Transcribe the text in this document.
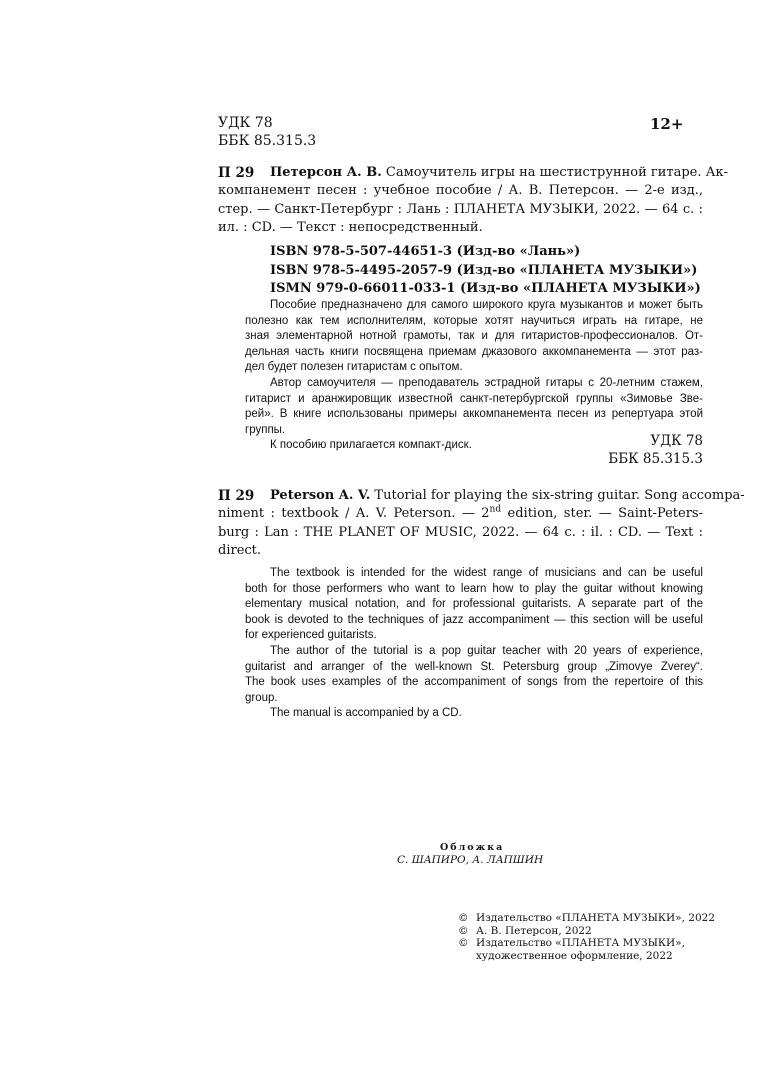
УДК 78
ББК 85.315.3
12+
П 29 Петерсон А. В. Самоучитель игры на шестиструнной гитаре. Ак-
компанемент песен : учебное пособие / А. В. Петерсон. — 2-е изд.,
стер. — Санкт-Петербург : Лань : ПЛАНЕТА МУЗЫКИ, 2022. — 64 с. :
ил. : CD. — Текст : непосредственный.
ISBN 978-5-507-44651-3 (Изд-во «Лань»)
ISBN 978-5-4495-2057-9 (Изд-во «ПЛАНЕТА МУЗЫКИ»)
ISMN 979-0-66011-033-1 (Изд-во «ПЛАНЕТА МУЗЫКИ»)
Пособие предназначено для самого широкого круга музыкантов и может быть
полезно как тем исполнителям, которые хотят научиться играть на гитаре, не
зная элементарной нотной грамоты, так и для гитаристов-профессионалов. От-
дельная часть книги посвящена приемам джазового аккомпанемента — этот раз-
дел будет полезен гитаристам с опытом.
Автор самоучителя — преподаватель эстрадной гитары с 20-летним стажем,
гитарист и аранжировщик известной санкт-петербургской группы «Зимовье Зве-
рей». В книге использованы примеры аккомпанемента песен из репертуара этой
группы.
К пособию прилагается компакт-диск.	УДК 78
ББК 85.315.3
П 29 Peterson A. V. Tutorial for playing the six-string guitar. Song accompa-
niment : textbook / A. V. Peterson. — 2nd edition, ster. — Saint-Peters-
burg : Lan : THE PLANET OF MUSIC, 2022. — 64 c. : il. : CD. — Text :
direct.
The textbook is intended for the widest range of musicians and can be useful
both for those performers who want to learn how to play the guitar without knowing
elementary musical notation, and for professional guitarists. A separate part of the
book is devoted to the techniques of jazz accompaniment — this section will be useful
for experienced guitarists.
The author of the tutorial is a pop guitar teacher with 20 years of experience,
guitarist and arranger of the well-known St. Petersburg group „Zimovye Zverey“.
The book uses examples of the accompaniment of songs from the repertoire of this
group.
The manual is accompanied by a CD.
Обложка
С. ШАПИРО, А. ЛАПШИН
© Издательство «ПЛАНЕТА МУЗЫКИ», 2022
© А. В. Петерсон, 2022
© Издательство «ПЛАНЕТА МУЗЫКИ»,
художественное оформление, 2022
